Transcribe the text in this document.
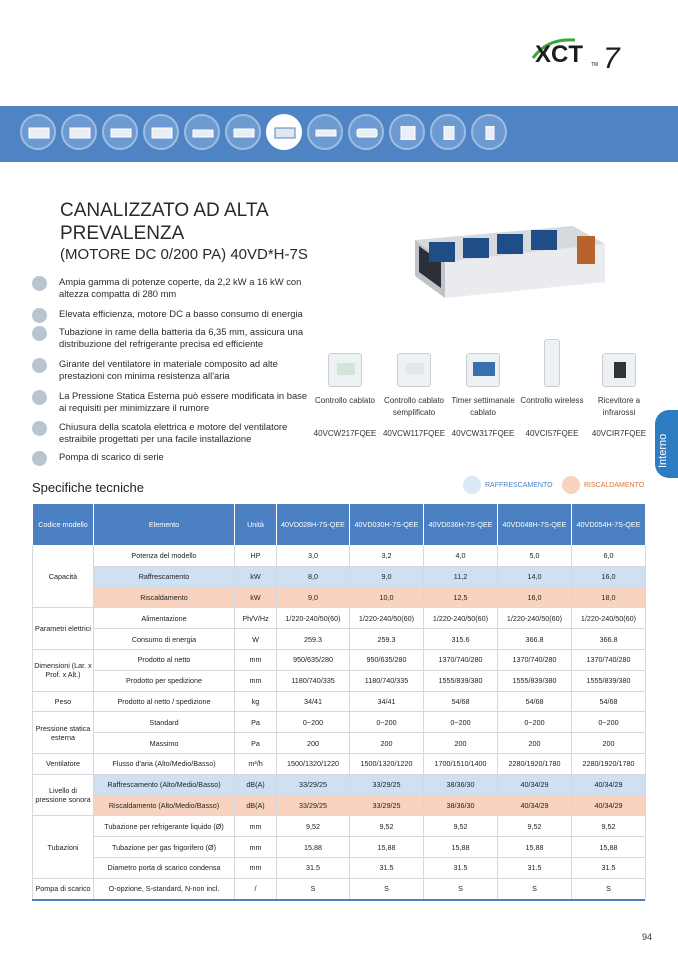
XCT TM 7
CANALIZZATO AD ALTA PREVALENZA
(MOTORE DC 0/200 PA) 40VD*H-7S
Ampia gamma di potenze coperte, da 2,2 kW a 16 kW con altezza compatta di 280 mm
Elevata efficienza, motore DC a basso consumo di energia
Tubazione in rame della batteria da 6,35 mm, assicura una distribuzione del refrigerante precisa ed efficiente
Girante del ventilatore in materiale composito ad alte prestazioni con minima resistenza all'aria
La Pressione Statica Esterna può essere modificata in base ai requisiti per minimizzare il rumore
Chiusura della scatola elettrica e motore del ventilatore estraibile progettati per una facile installazione
Pompa di scarico di serie
Controllo cablato
40VCW217FQEE
Controllo cablato semplificato
40VCW117FQEE
Timer settimanale cablato
40VCW317FQEE
Controllo wireless
40VCI57FQEE
Ricevitore a infrarossi
40VCIR7FQEE
Interno
Specifiche tecniche	RAFFRESCAMENTO	RISCALDAMENTO
Codice modello	Elemento	Unità	40VD028H-7S-QEE	40VD030H-7S-QEE	40VD036H-7S-QEE	40VD048H-7S-QEE	40VD054H-7S-QEE
Capacità	Potenza del modello	HP	3,0	3,2	4,0	5,0	6,0
	Raffrescamento	kW	8,0	9,0	11,2	14,0	16,0
	Riscaldamento	kW	9,0	10,0	12,5	16,0	18,0
Parametri elettrici	Alimentazione	Ph/V/Hz	1/220-240/50(60)	1/220-240/50(60)	1/220-240/50(60)	1/220-240/50(60)	1/220-240/50(60)
	Consumo di energia	W	259.3	259.3	315.6	366.8	366.8
Dimensioni (Lar. x Prof. x Alt.)	Prodotto al netto	mm	950/635/280	950/635/280	1370/740/280	1370/740/280	1370/740/280
	Prodotto per spedizione	mm	1180/740/335	1180/740/335	1555/839/380	1555/839/380	1555/839/380
Peso	Prodotto al netto / spedizione	kg	34/41	34/41	54/68	54/68	54/68
Pressione statica esterna	Standard	Pa	0~200	0~200	0~200	0~200	0~200
	Massimo	Pa	200	200	200	200	200
Ventilatore	Flusso d'aria (Alto/Medio/Basso)	m³/h	1500/1320/1220	1500/1320/1220	1700/1510/1400	2280/1920/1780	2280/1920/1780
Livello di pressione sonora	Raffrescamento (Alto/Medio/Basso)	dB(A)	33/29/25	33/29/25	38/36/30	40/34/29	40/34/29
	Riscaldamento (Alto/Medio/Basso)	dB(A)	33/29/25	33/29/25	38/36/30	40/34/29	40/34/29
Tubazioni	Tubazione per refrigerante liquido (Ø)	mm	9,52	9,52	9,52	9,52	9,52
	Tubazione per gas frigorifero (Ø)	mm	15,88	15,88	15,88	15,88	15,88
	Diametro porta di scarico condensa	mm	31.5	31.5	31.5	31.5	31.5
Pompa di scarico	O-opzione, S-standard, N-non incl.	/	S	S	S	S	S
94
